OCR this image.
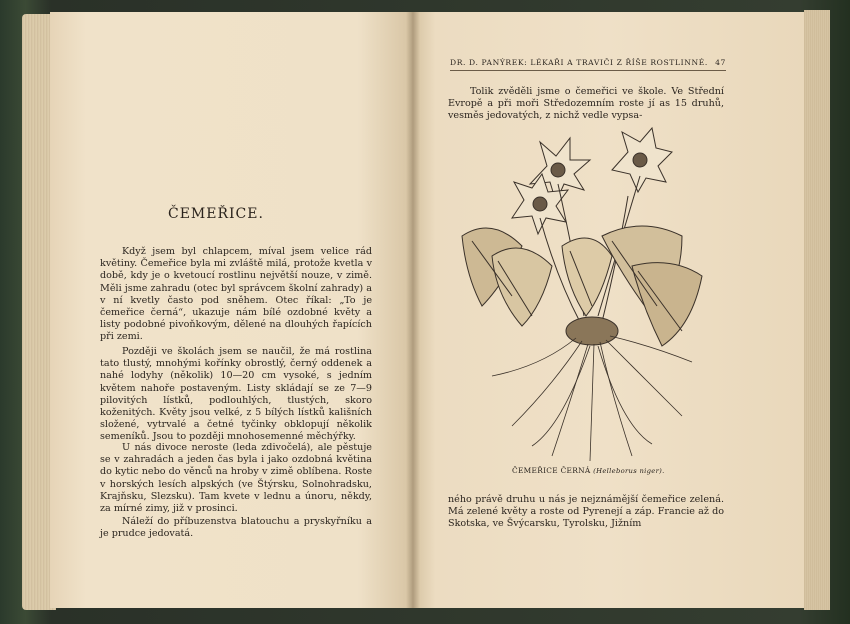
ČEMEŘICE.

Když jsem byl chlapcem, míval jsem velice rád květiny. Čemeřice byla mi zvláště milá, protože kvetla v době, kdy je o kvetoucí rostlinu největší nouze, v zimě. Měli jsme zahradu (otec byl správcem školní zahrady) a v ní kvetly často pod sněhem. Otec říkal: „To je čemeřice černá“, ukazuje nám bílé ozdobné květy a listy podobné pivoňkovým, dělené na dlouhých řapících při zemi.

Později ve školách jsem se naučil, že má rostlina tato tlustý, mnohými kořínky obrostlý, černý oddenek a nahé lodyhy (několik) 10—20 cm vysoké, s jedním květem nahoře postaveným. Listy skládají se ze 7—9 pilovitých lístků, podlouhlých, tlustých, skoro koženitých. Květy jsou velké, z 5 bílých lístků kališních složené, vytrvalé a četné tyčinky obklopují několik semeníků. Jsou to později mnohosemenné měchýřky.

U nás divoce neroste (leda zdivočelá), ale pěstuje se v zahradách a jeden čas byla i jako ozdobná květina do kytic nebo do věnců na hroby v zimě oblíbena. Roste v horských lesích alpských (ve Štýrsku, Solnohradsku, Krajňsku, Slezsku). Tam kvete v lednu a únoru, někdy, za mírné zimy, již v prosinci.

Náleží do příbuzenstva blatouchu a pryskyřníku a je prudce jedovatá.

DR. D. PANÝREK: LÉKAŘI A TRAVIČI Z ŘÍŠE ROSTLINNÉ. 47

Tolik zvěděli jsme o čemeřici ve škole. Ve Střední Evropě a při moři Středozemním roste jí as 15 druhů, vesměs jedovatých, z nichž vedle vypsa-

ČEMEŘICE ČERNÁ (Helleborus niger).

ného právě druhu u nás je nejznámější čemeřice zelená. Má zelené květy a roste od Pyrenejí a záp. Francie až do Skotska, ve Švýcarsku, Tyrolsku, Jižním
